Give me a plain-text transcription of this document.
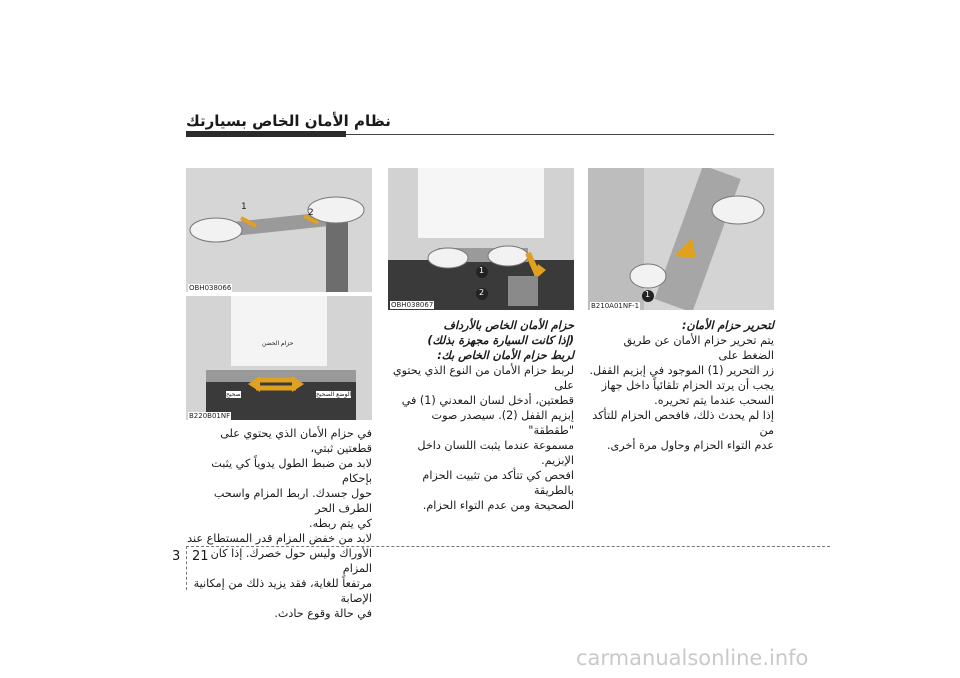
نظام الأمان الخاص بسيارتك
1
2
OBH038066
حزام الحضن
صحيح	الوضع الصحيح
B220B01NF
1
2
OBH038067
1
B210A01NF-1
لتحرير حزام الأمان:
يتم تحرير حزام الأمان عن طريق الضغط على
زر التحرير (1) الموجود في إبزيم القفل.
يجب أن يرتد الحزام تلقائياً داخل جهاز
السحب عندما يتم تحريره.
إذا لم يحدث ذلك، فافحص الحزام للتأكد من
عدم التواء الحزام وحاول مرة أخرى.
حزام الأمان الخاص بالأرداف
(إذا كانت السيارة مجهزة بذلك)
لربط حزام الأمان الخاص بك:
لربط حزام الأمان من النوع الذي يحتوي على
قطعتين، أدخل لسان المعدني (1) في
إبزيم القفل (2). سيصدر صوت "طقطقة"
مسموعة عندما يثبت اللسان داخل الإبزيم.
افحص كي تتأكد من تثبيت الحزام بالطريقة
الصحيحة ومن عدم التواء الحزام.
في حزام الأمان الذي يحتوي على قطعتين ثبتي،
لابد من ضبط الطول يدوياً كي يثبت بإحكام
حول جسدك. اربط المزام واسحب الطرف الحر
كي يتم ربطه.
لابد من خفض المزام قدر المستطاع عند
الأوراك وليس حول خصرك. إذا كان المزام
مرتفعاً للغاية، فقد يزيد ذلك من إمكانية الإصابة
في حالة وقوع حادث.
3 21
carmanualsonline.info
